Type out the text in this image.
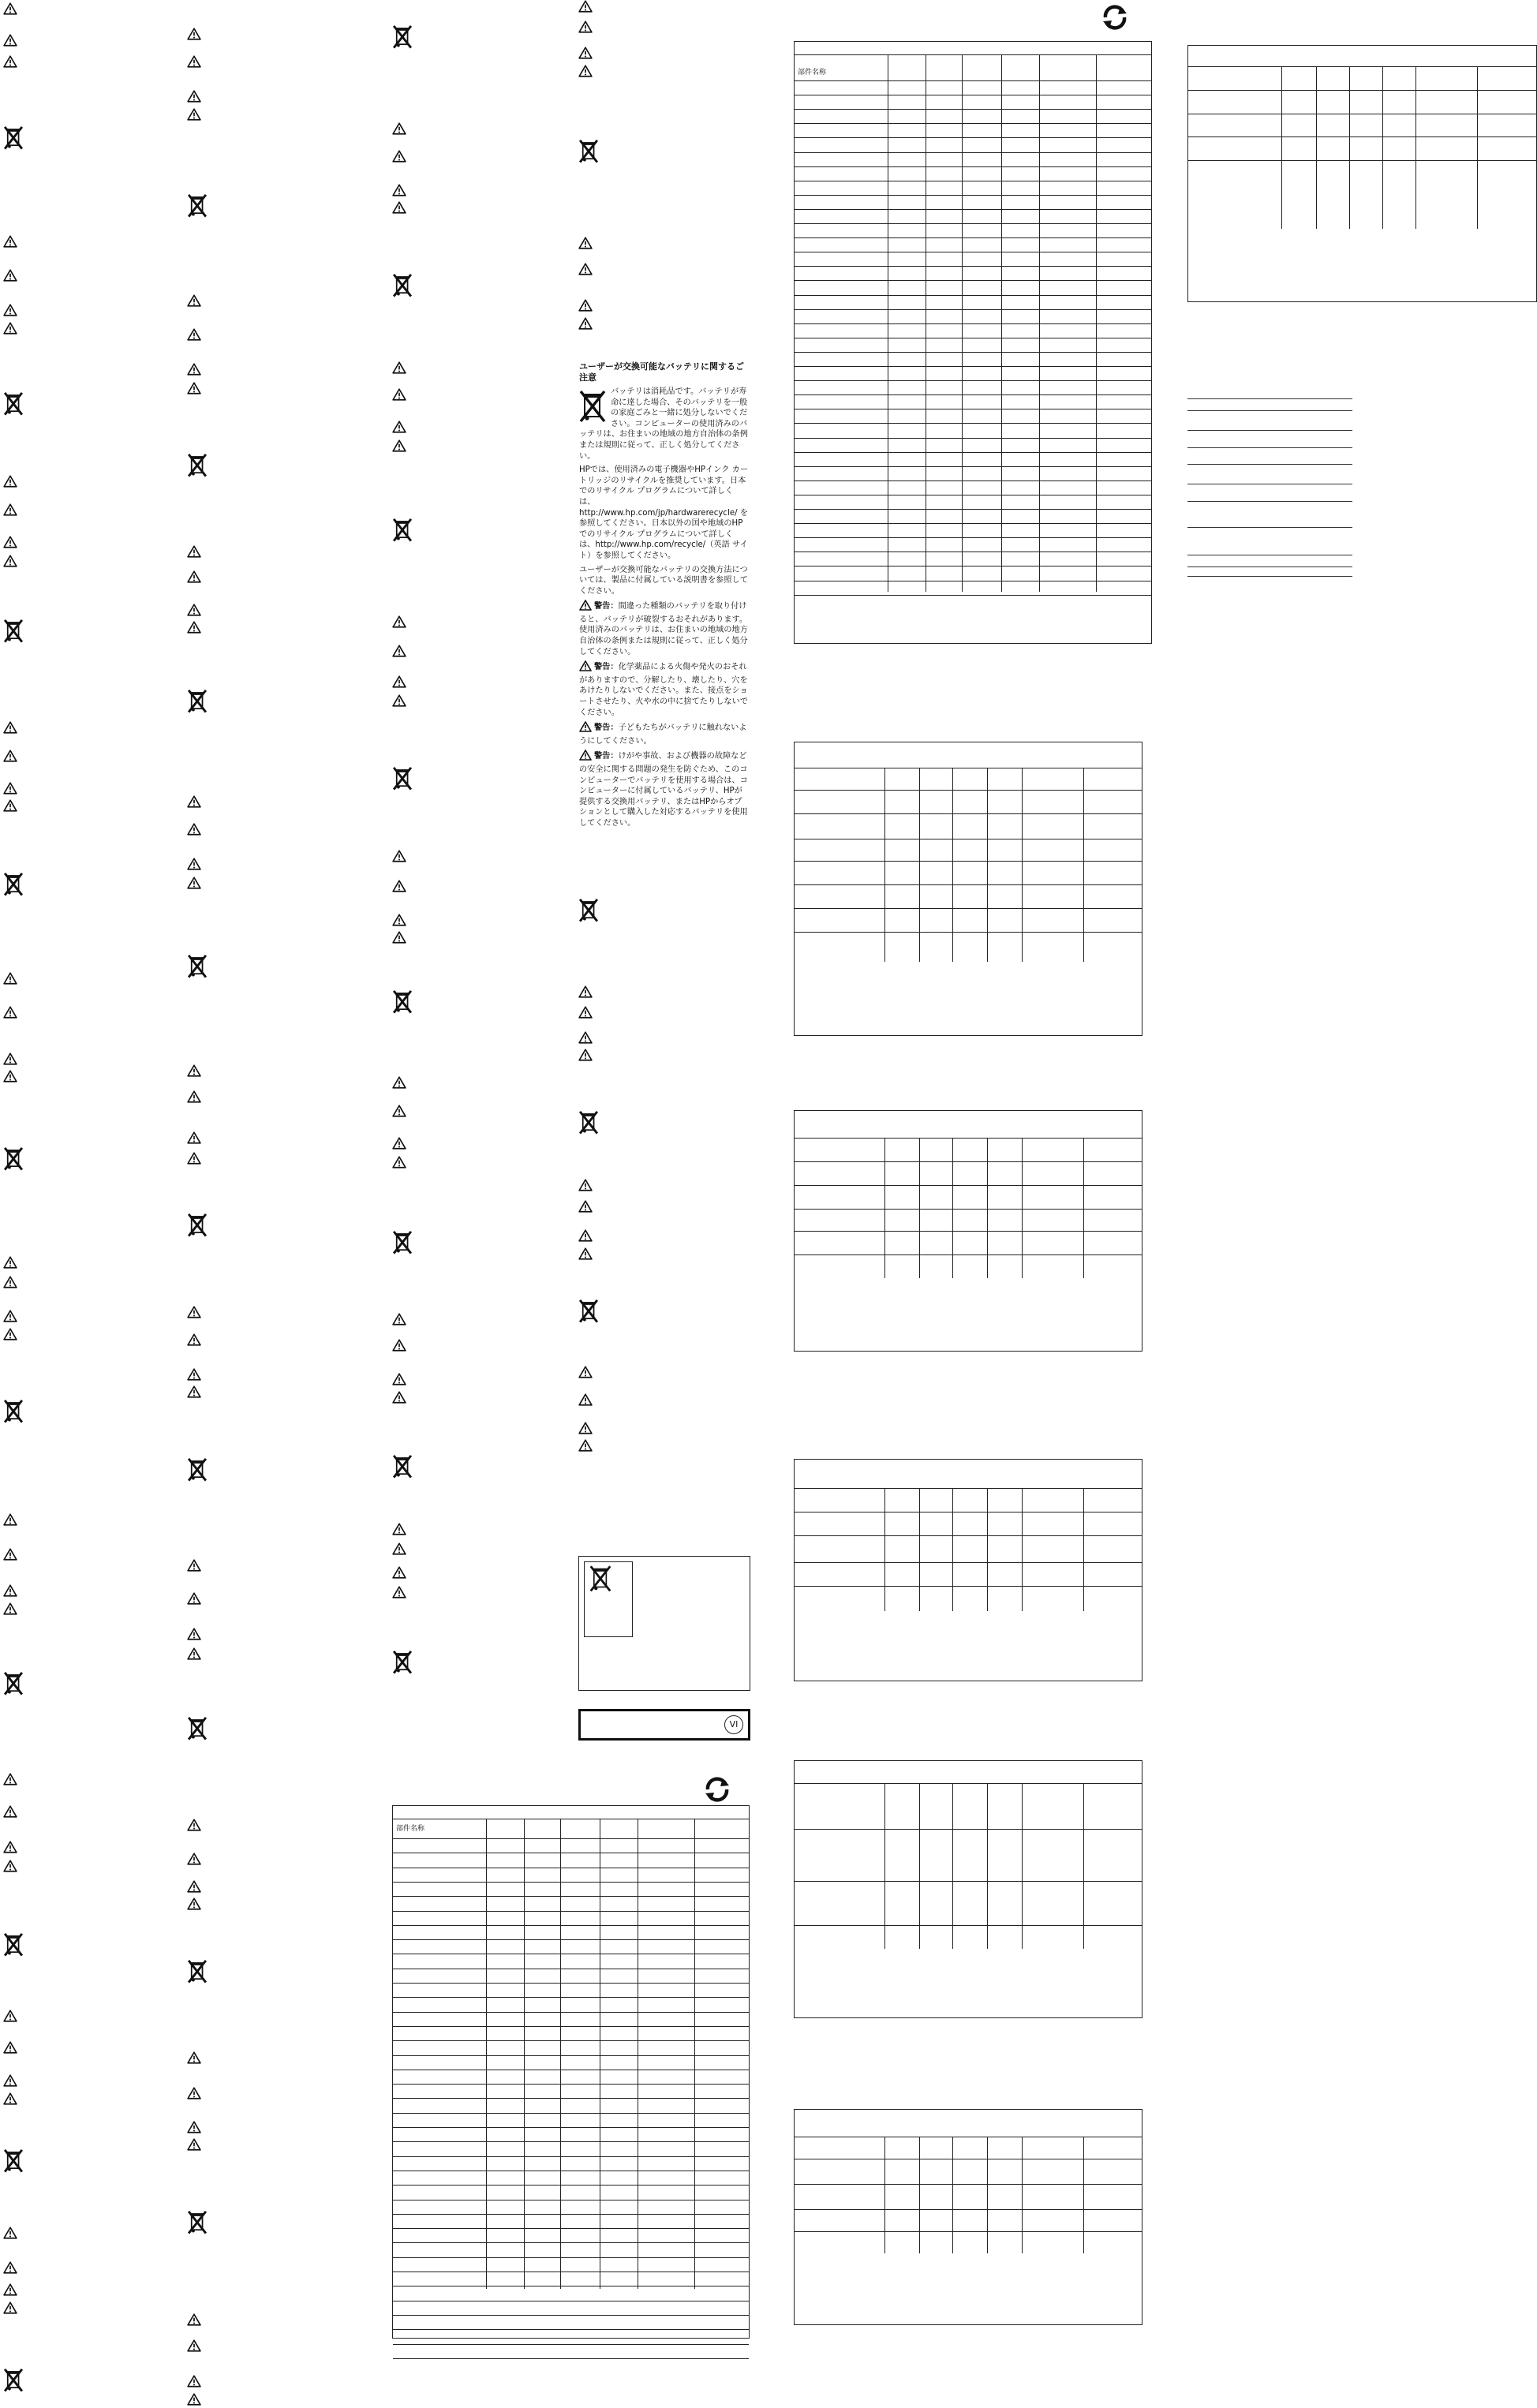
ユーザーが交換可能なバッテリに関するご注意

バッテリは消耗品です。バッテリが寿命に達した場合、そのバッテリを一般の家庭ごみと一緒に処分しないでください。コンピューターの使用済みのバッテリは、お住まいの地域の地方自治体の条例または規則に従って、正しく処分してください。

HPでは、使用済みの電子機器やHPインク カートリッジのリサイクルを推奨しています。日本でのリサイクル プログラムについて詳しくは、http://www.hp.com/jp/hardwarerecycle/ を参照してください。日本以外の国や地域のHPでのリサイクル プログラムについて詳しくは、http://www.hp.com/recycle/（英語 サイト）を参照してください。

ユーザーが交換可能なバッテリの交換方法については、製品に付属している説明書を参照してください。

警告：間違った種類のバッテリを取り付けると、バッテリが破裂するおそれがあります。使用済みのバッテリは、お住まいの地域の地方自治体の条例または規則に従って、正しく処分してください。

警告：化学薬品による火傷や発火のおそれがありますので、分解したり、壊したり、穴をあけたりしないでください。また、接点をショートさせたり、火や水の中に捨てたりしないでください。

警告：子どもたちがバッテリに触れないようにしてください。

警告：けがや事故、および機器の故障などの安全に関する問題の発生を防ぐため、このコンピューターでバッテリを使用する場合は、コンピューターに付属しているバッテリ、HPが提供する交換用バッテリ、またはHPからオプションとして購入した対応するバッテリを使用してください。

VI
部件名称
部件名称
